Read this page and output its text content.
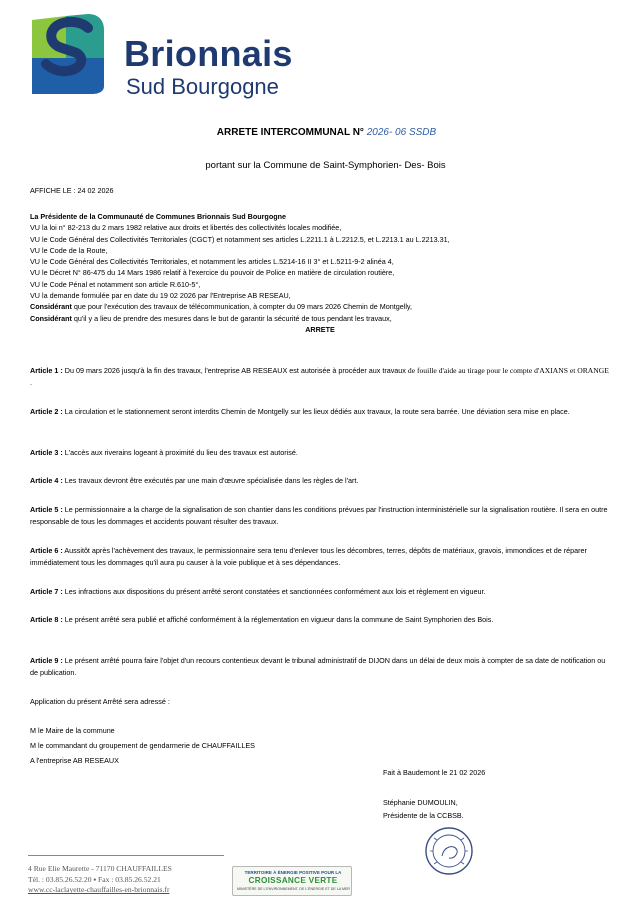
Brionnais
Sud Bourgogne
ARRETE INTERCOMMUNAL N° 2026- 06 SSDB
portant sur la Commune de Saint-Symphorien- Des- Bois
AFFICHE LE : 24 02 2026
La Présidente de la Communauté de Communes Brionnais Sud Bourgogne
VU la loi n° 82-213 du 2 mars 1982 relative aux droits et libertés des collectivités locales modifiée,
VU le Code Général des Collectivités Territoriales (CGCT) et notamment ses articles L.2211.1 à L.2212.5, et L.2213.1 au L.2213.31,
VU le Code de la Route,
VU le Code Général des Collectivités Territoriales, et notamment les articles L.5214-16 II 3° et L.5211-9-2 alinéa 4,
VU le Décret N° 86-475 du 14 Mars 1986 relatif à l'exercice du pouvoir de Police en matière de circulation routière,
VU le Code Pénal et notamment son article R.610-5°,
VU la demande formulée par en date du 19 02 2026 par l'Entreprise AB RESEAU,
Considérant que pour l'exécution des travaux de télécommunication, à compter du 09 mars 2026 Chemin de Montgelly,
Considérant qu'il y a lieu de prendre des mesures dans le but de garantir la sécurité de tous pendant les travaux,
ARRETE
Article 1 : Du 09 mars 2026 jusqu'à la fin des travaux, l'entreprise AB RESEAUX est autorisée à procéder aux travaux de fouille d'aide au tirage pour le compte d'AXIANS et ORANGE .
Article 2 : La circulation et le stationnement seront interdits Chemin de Montgelly sur les lieux dédiés aux travaux, la route sera barrée. Une déviation sera mise en place.
Article 3 : L'accès aux riverains logeant à proximité du lieu des travaux est autorisé.
Article 4 : Les travaux devront être exécutés par une main d'œuvre spécialisée dans les règles de l'art.
Article 5 : Le permissionnaire a la charge de la signalisation de son chantier dans les conditions prévues par l'instruction interministérielle sur la signalisation routière. Il sera en outre responsable de tous les dommages et accidents pouvant résulter des travaux.
Article 6 : Aussitôt après l'achèvement des travaux, le permissionnaire sera tenu d'enlever tous les décombres, terres, dépôts de matériaux, gravois, immondices et de réparer immédiatement tous les dommages qu'il aura pu causer à la voie publique et à ses dépendances.
Article 7 : Les infractions aux dispositions du présent arrêté seront constatées et sanctionnées conformément aux lois et règlement en vigueur.
Article 8 : Le présent arrêté sera publié et affiché conformément à la réglementation en vigueur dans la commune de Saint Symphorien des Bois.
Article 9 : Le présent arrêté pourra faire l'objet d'un recours contentieux devant le tribunal administratif de DIJON dans un délai de deux mois à compter de sa date de notification ou de publication.
Application du présent Arrêté sera adressé :
M le Maire de la commune
M le commandant du groupement de gendarmerie de CHAUFFAILLES
A l'entreprise AB RESEAUX
Fait à Baudemont le 21 02 2026
Stéphanie DUMOULIN,
Présidente de la CCBSB.
4 Rue Elie Maurette - 71170 CHAUFFAILLES
Tél. : 03.85.26.52.20 ▪ Fax : 03.85.26.52.21
www.cc-laclayette-chauffailles-en-brionnais.fr
TERRITOIRE À ÉNERGIE POSITIVE POUR LA
CROISSANCE VERTE
MINISTÈRE DE L'ENVIRONNEMENT, DE L'ÉNERGIE ET DE LA MER
